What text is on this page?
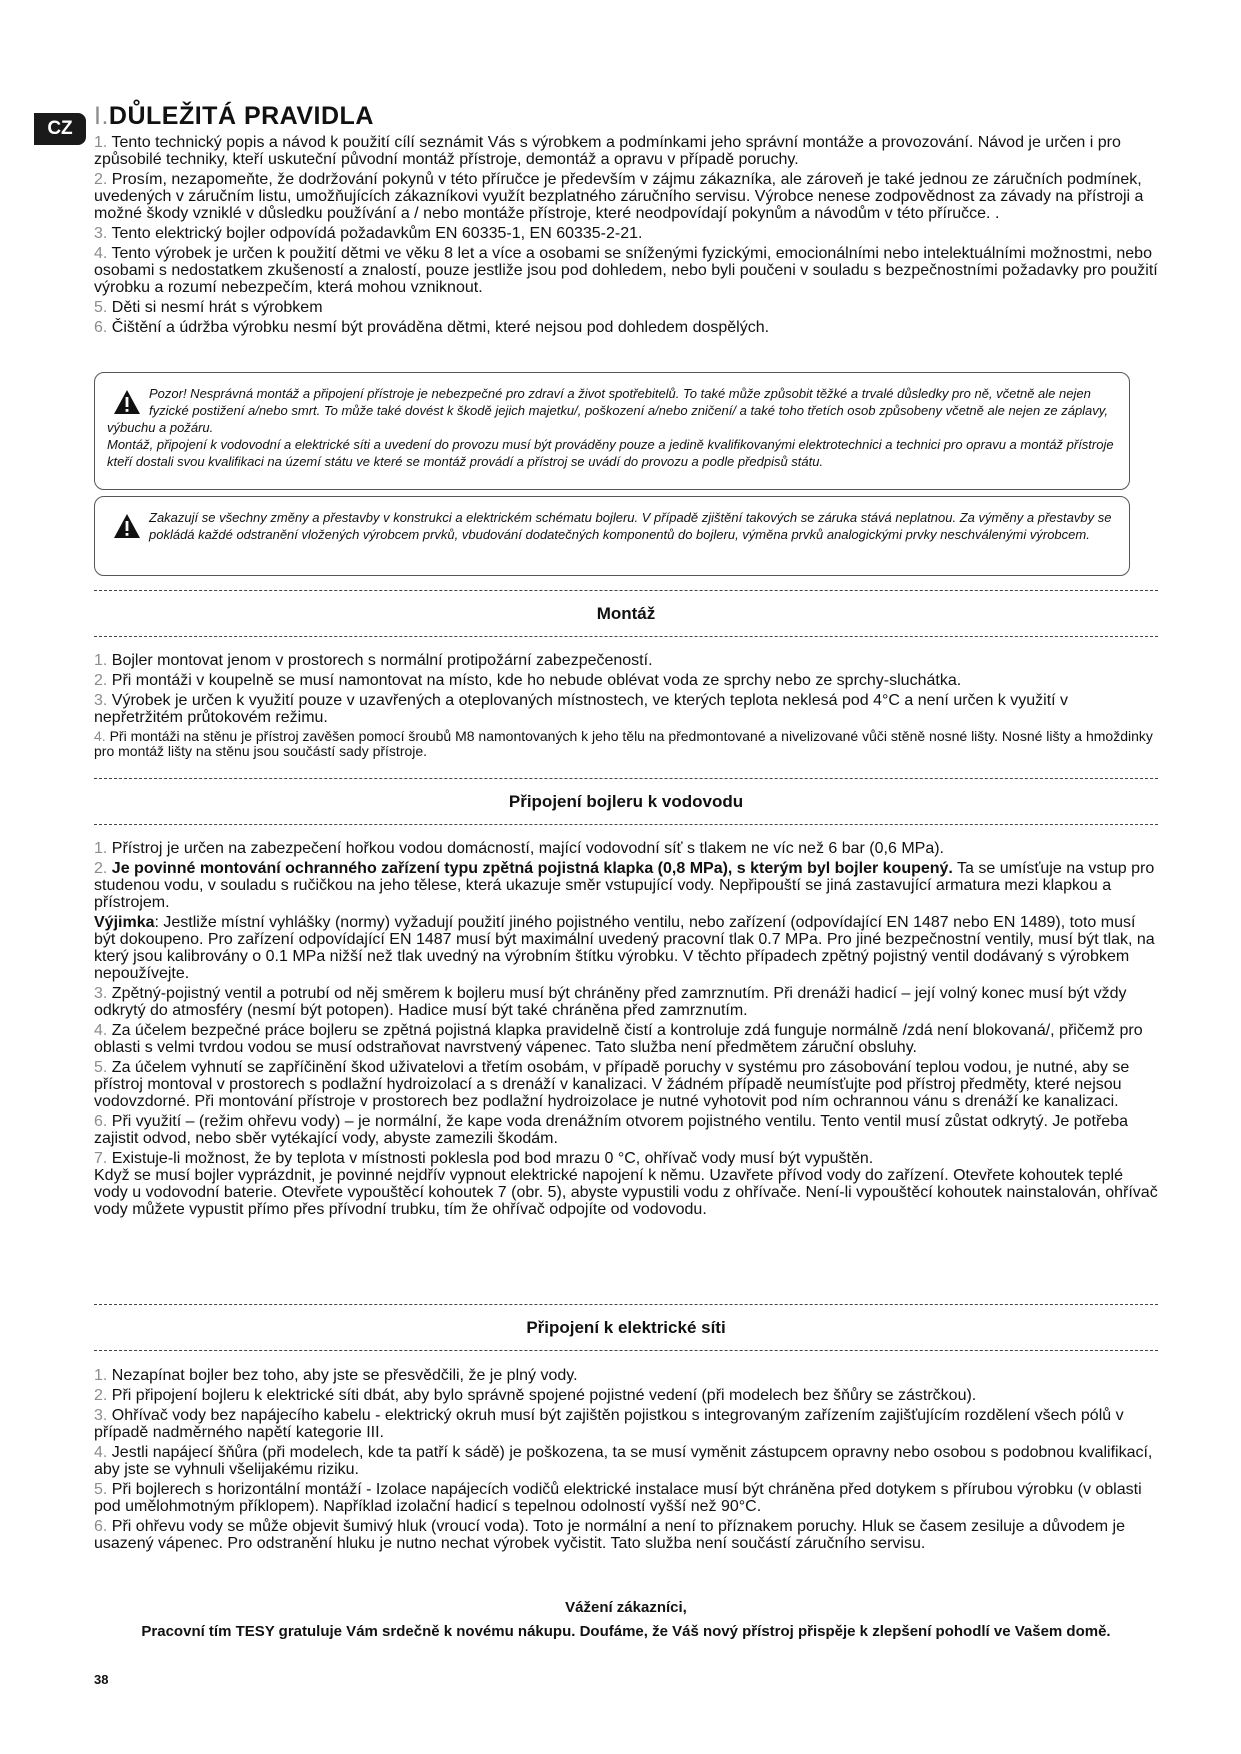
CZ I.DŮLEŽITÁ PRAVIDLA

1. Tento technický popis a návod k použití cílí seznámit Vás s výrobkem a podmínkami jeho správní montáže a provozování. Návod je určen i pro způsobilé techniky, kteří uskuteční původní montáž přístroje, demontáž a opravu v případě poruchy.

2. Prosím, nezapomeňte, že dodržování pokynů v této příručce je především v zájmu zákazníka, ale zároveň je také jednou ze záručních podmínek, uvedených v záručním listu, umožňujících zákazníkovi využít bezplatného záručního servisu. Výrobce nenese zodpovědnost za závady na přístroji a možné škody vzniklé v důsledku používání a / nebo montáže přístroje, které neodpovídají pokynům a návodům v této příručce. .

3. Tento elektrický bojler odpovídá požadavkům EN 60335-1, EN 60335-2-21.

4. Tento výrobek je určen k použití dětmi ve věku 8 let a více a osobami se sníženými fyzickými, emocionálními nebo intelektuálními možnostmi, nebo osobami s nedostatkem zkušeností a znalostí, pouze jestliže jsou pod dohledem, nebo byli poučeni v souladu s bezpečnostními požadavky pro použití výrobku a rozumí nebezpečím, která mohou vzniknout.

5. Děti si nesmí hrát s výrobkem

6. Čištění a údržba výrobku nesmí být prováděna dětmi, které nejsou pod dohledem dospělých.

Pozor! Nesprávná montáž a připojení přístroje je nebezpečné pro zdraví a život spotřebitelů. To také může způsobit těžké a trvalé důsledky pro ně, včetně ale nejen fyzické postižení a/nebo smrt. To může také dovést k škodě jejich majetku/, poškození a/nebo zničení/ a také toho třetích osob způsobeny včetně ale nejen ze záplavy, výbuchu a požáru.

Montáž, připojení k vodovodní a elektrické síti a uvedení do provozu musí být prováděny pouze a jedině kvalifikovanými elektrotechnici a technici pro opravu a montáž přístroje kteří dostali svou kvalifikaci na území státu ve které se montáž provádí a přístroj se uvádí do provozu a podle předpisů státu.

Zakazují se všechny změny a přestavby v konstrukci a elektrickém schématu bojleru. V případě zjištění takových se záruka stává neplatnou. Za výměny a přestavby se pokládá každé odstranění vložených výrobcem prvků, vbudování dodatečných komponentů do bojleru, výměna prvků analogickými prvky neschválenými výrobcem.

Montáž

1. Bojler montovat jenom v prostorech s normální protipožární zabezpečeností.

2. Při montáži v koupelně se musí namontovat na místo, kde ho nebude oblévat voda ze sprchy nebo ze sprchy-sluchátka.

3. Výrobek je určen k využití pouze v uzavřených a oteplovaných místnostech, ve kterých teplota neklesá pod 4°C a není určen k využití v nepřetržitém průtokovém režimu.

4. Při montáži na stěnu je přístroj zavěšen pomocí šroubů M8 namontovaných k jeho tělu na předmontované a nivelizované vůči stěně nosné lišty. Nosné lišty a hmoždinky pro montáž lišty na stěnu jsou součástí sady přístroje.

Připojení bojleru k vodovodu

1. Přístroj je určen na zabezpečení hořkou vodou domácností, mající vodovodní síť s tlakem ne víc než 6 bar (0,6 MPa).

2. Je povinné montování ochranného zařízení typu zpětná pojistná klapka (0,8 MPa), s kterým byl bojler koupený. Ta se umísťuje na vstup pro studenou vodu, v souladu s ručičkou na jeho tělese, která ukazuje směr vstupující vody. Nepřipouští se jiná zastavující armatura mezi klapkou a přístrojem.

Výjimka: Jestliže místní vyhlášky (normy) vyžadují použití jiného pojistného ventilu, nebo zařízení (odpovídající EN 1487 nebo EN 1489), toto musí být dokoupeno. Pro zařízení odpovídající EN 1487 musí být maximální uvedený pracovní tlak 0.7 MPa. Pro jiné bezpečnostní ventily, musí být tlak, na který jsou kalibrovány o 0.1 MPa nižší než tlak uvedný na výrobním štítku výrobku. V těchto případech zpětný pojistný ventil dodávaný s výrobkem nepoužívejte.

3. Zpětný-pojistný ventil a potrubí od něj směrem k bojleru musí být chráněny před zamrznutím. Při drenáži hadicí – její volný konec musí být vždy odkrytý do atmosféry (nesmí být potopen). Hadice musí být také chráněna před zamrznutím.

4. Za účelem bezpečné práce bojleru se zpětná pojistná klapka pravidelně čistí a kontroluje zdá funguje normálně /zdá není blokovaná/, přičemž pro oblasti s velmi tvrdou vodou se musí odstraňovat navrstvený vápenec. Tato služba není předmětem záruční obsluhy.

5. Za účelem vyhnutí se zapříčinění škod uživatelovi a třetím osobám, v případě poruchy v systému pro zásobování teplou vodou, je nutné, aby se přístroj montoval v prostorech s podlažní hydroizolací a s drenáží v kanalizaci. V žádném případě neumísťujte pod přístroj předměty, které nejsou vodovzdorné. Při montování přístroje v prostorech bez podlažní hydroizolace je nutné vyhotovit pod ním ochrannou vánu s drenáží ke kanalizaci.

6. Při využití – (režim ohřevu vody) – je normální, že kape voda drenážním otvorem pojistného ventilu. Tento ventil musí zůstat odkrytý. Je potřeba zajistit odvod, nebo sběr vytékající vody, abyste zamezili škodám.

7. Existuje-li možnost, že by teplota v místnosti poklesla pod bod mrazu 0 °C, ohřívač vody musí být vypuštěn.

Když se musí bojler vyprázdnit, je povinné nejdřív vypnout elektrické napojení k němu. Uzavřete přívod vody do zařízení. Otevřete kohoutek teplé vody u vodovodní baterie. Otevřete vypouštěcí kohoutek 7 (obr. 5), abyste vypustili vodu z ohřívače. Není-li vypouštěcí kohoutek nainstalován, ohřívač vody můžete vypustit přímo přes přívodní trubku, tím že ohřívač odpojíte od vodovodu.

Připojení k elektrické síti

1. Nezapínat bojler bez toho, aby jste se přesvědčili, že je plný vody.

2. Při připojení bojleru k elektrické síti dbát, aby bylo správně spojené pojistné vedení (při modelech bez šňůry se zástrčkou).

3. Ohřívač vody bez napájecího kabelu - elektrický okruh musí být zajištěn pojistkou s integrovaným zařízením zajišťujícím rozdělení všech pólů v případě nadměrného napětí kategorie III.

4. Jestli napájecí šňůra (při modelech, kde ta patří k sádě) je poškozena, ta se musí vyměnit zástupcem opravny nebo osobou s podobnou kvalifikací, aby jste se vyhnuli všelijakému riziku.

5. Při bojlerech s horizontální montáží - Izolace napájecích vodičů elektrické instalace musí být chráněna před dotykem s přírubou výrobku (v oblasti pod umělohmotným příklopem). Například izolační hadicí s tepelnou odolností vyšší než 90°C.

6. Při ohřevu vody se může objevit šumivý hluk (vroucí voda). Toto je normální a není to příznakem poruchy. Hluk se časem zesiluje a důvodem je usazený vápenec. Pro odstranění hluku je nutno nechat výrobek vyčistit. Tato služba není součástí záručního servisu.

Vážení zákazníci,

Pracovní tím TESY gratuluje Vám srdečně k novému nákupu. Doufáme, že Váš nový přístroj přispěje k zlepšení pohodlí ve Vašem domě.

38
